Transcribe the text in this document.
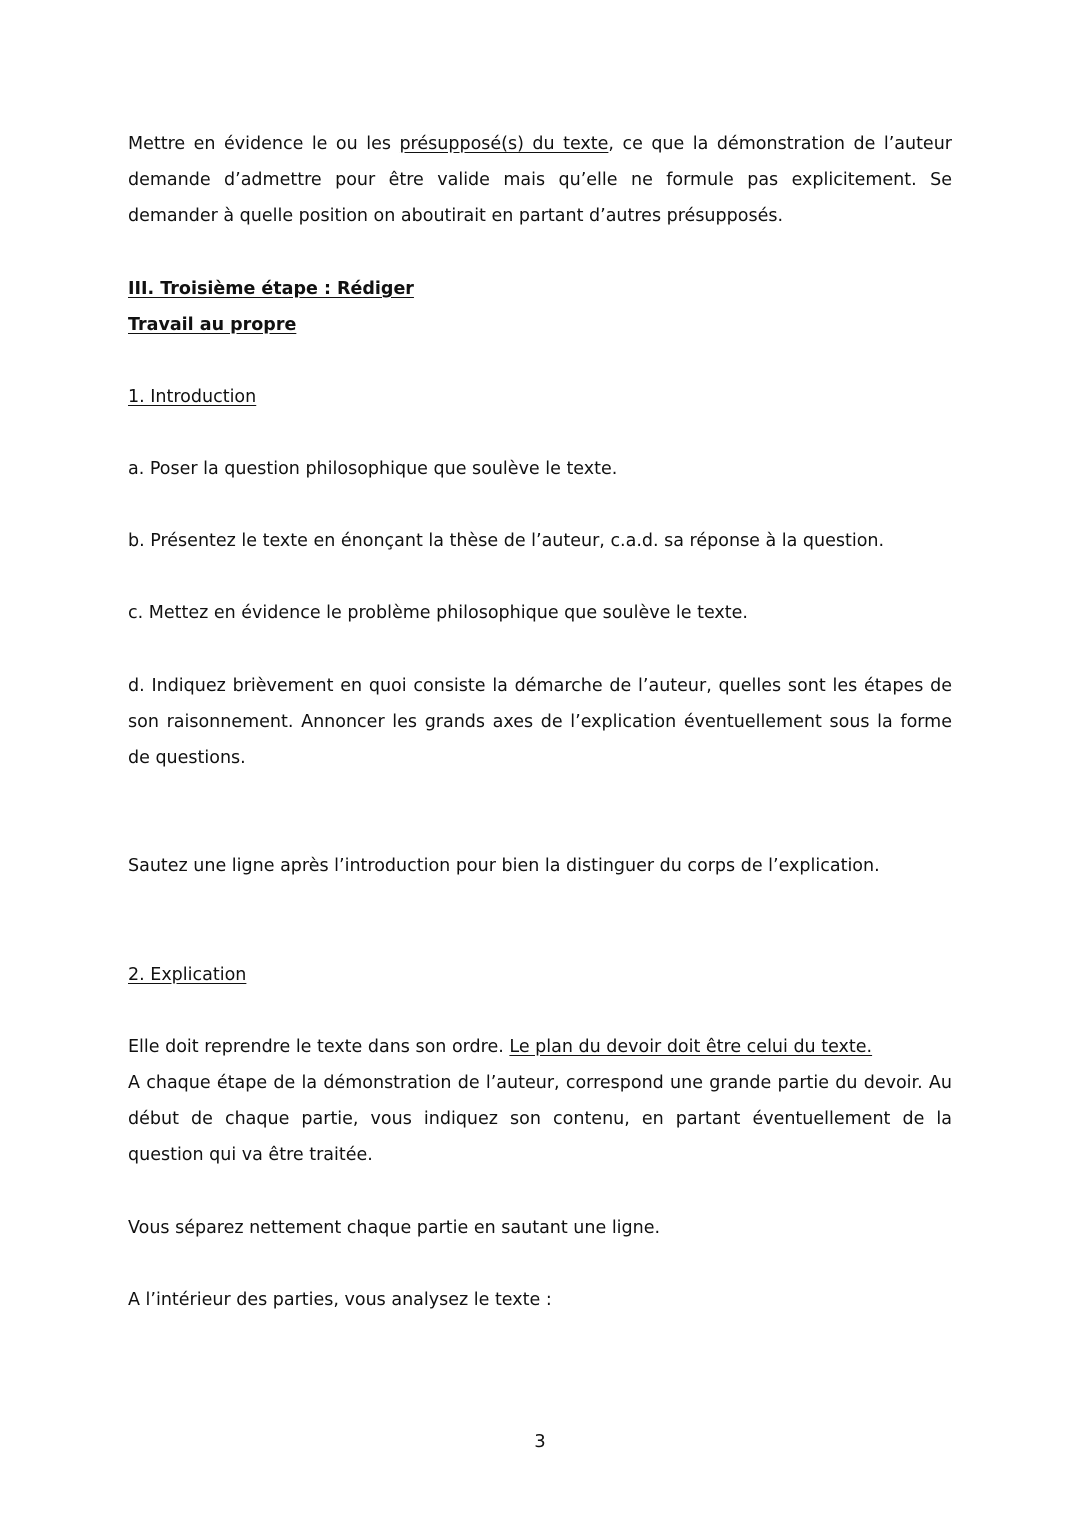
Mettre en évidence le ou les présupposé(s) du texte, ce que la démonstration de l’auteur demande d’admettre pour être valide mais qu’elle ne formule pas explicitement. Se demander à quelle position on aboutirait en partant d’autres présupposés.

III. Troisième étape : Rédiger

Travail au propre

1. Introduction

a. Poser la question philosophique que soulève le texte.

b. Présentez le texte en énonçant la thèse de l’auteur, c.a.d. sa réponse à la question.

c. Mettez en évidence le problème philosophique que soulève le texte.

d. Indiquez brièvement en quoi consiste la démarche de l’auteur, quelles sont les étapes de son raisonnement. Annoncer les grands axes de l’explication éventuellement sous la forme de questions.

Sautez une ligne après l’introduction pour bien la distinguer du corps de l’explication.

2. Explication

Elle doit reprendre le texte dans son ordre. Le plan du devoir doit être celui du texte.
A chaque étape de la démonstration de l’auteur, correspond une grande partie du devoir. Au début de chaque partie, vous indiquez son contenu, en partant éventuellement de la question qui va être traitée.

Vous séparez nettement chaque partie en sautant une ligne.

A l’intérieur des parties, vous analysez le texte :

3
